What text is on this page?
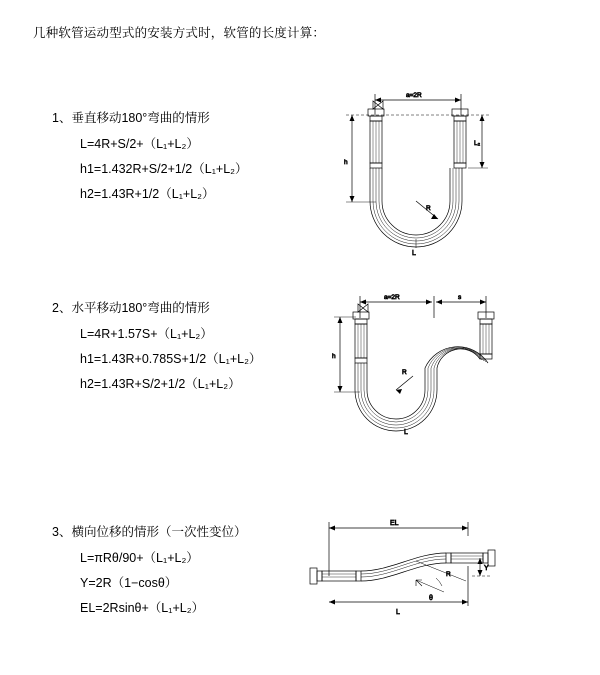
几种软管运动型式的安装方式时，软管的长度计算：
1、垂直移动180°弯曲的情形
L=4R+S/2+（L₁+L₂）
h1=1.432R+S/2+1/2（L₁+L₂）
h2=1.43R+1/2（L₁+L₂）
a=2R
R
h
L₂
L
2、水平移动180°弯曲的情形
L=4R+1.57S+（L₁+L₂）
h1=1.43R+0.785S+1/2（L₁+L₂）
h2=1.43R+S/2+1/2（L₁+L₂）
a=2R	s
R
h
L
3、横向位移的情形（一次性变位）
L=πRθ/90+（L₁+L₂）
Y=2R（1−cosθ）
EL=2Rsinθ+（L₁+L₂）
EL
Y
L
θ
R
